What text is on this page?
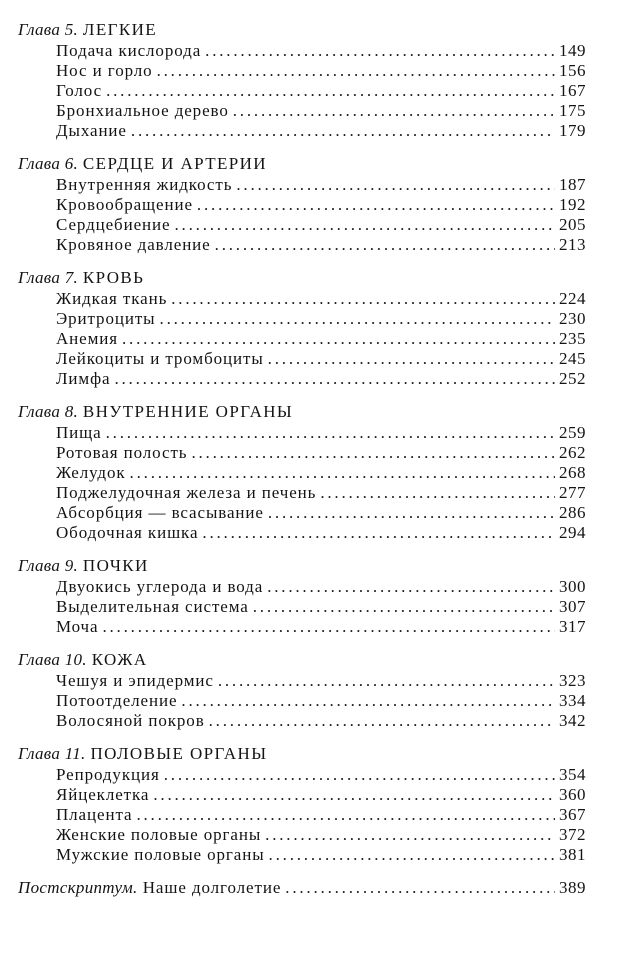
Глава 5. ЛЕГКИЕ
Подача кислорода .....	149
Нос и горло .....	156
Голос .....	167
Бронхиальное дерево .....	175
Дыхание .....	179
Глава 6. СЕРДЦЕ И АРТЕРИИ
Внутренняя жидкость .....	187
Кровообращение .....	192
Сердцебиение .....	205
Кровяное давление .....	213
Глава 7. КРОВЬ
Жидкая ткань .....	224
Эритроциты .....	230
Анемия .....	235
Лейкоциты и тромбоциты .....	245
Лимфа .....	252
Глава 8. ВНУТРЕННИЕ ОРГАНЫ
Пища .....	259
Ротовая полость .....	262
Желудок .....	268
Поджелудочная железа и печень .....	277
Абсорбция — всасывание .....	286
Ободочная кишка .....	294
Глава 9. ПОЧКИ
Двуокись углерода и вода .....	300
Выделительная система .....	307
Моча .....	317
Глава 10. КОЖА
Чешуя и эпидермис .....	323
Потоотделение .....	334
Волосяной покров .....	342
Глава 11. ПОЛОВЫЕ ОРГАНЫ
Репродукция .....	354
Яйцеклетка .....	360
Плацента .....	367
Женские половые органы .....	372
Мужские половые органы .....	381
Постскриптум. Наше долголетие .....	389
